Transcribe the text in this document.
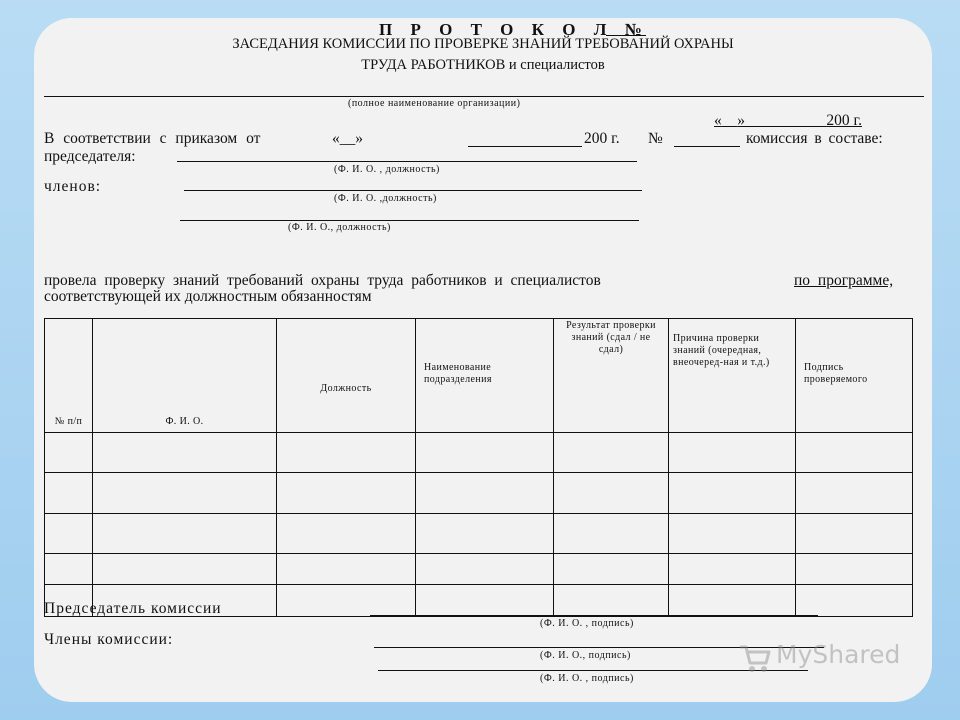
П Р О Т О К О Л №
ЗАСЕДАНИЯ КОМИССИИ ПО ПРОВЕРКЕ ЗНАНИЙ ТРЕБОВАНИЙ ОХРАНЫ
ТРУДА РАБОТНИКОВ и специалистов
(полное наименование организации)
« »	200 г.
В соответствии с приказом от	«__»	200 г. №	комиссия в составе:
председателя:
(Ф. И. О. , должность)
членов:
(Ф. И. О. ,должность)
(Ф. И. О., должность)
провела проверку знаний требований охраны труда работников и специалистов	по программе,
соответствующей их должностным обязанностям
№ п/п	Ф. И. О.	Должность	Наименование подразделения	Результат проверки знаний (сдал / не сдал)	Причина проверки знаний (очередная, внеочеред-ная и т.д.)	Подпись проверяемого

Председатель комиссии
(Ф. И. О. , подпись)
Члены комиссии:
(Ф. И. О., подпись)
(Ф. И. О. , подпись)
MyShared
